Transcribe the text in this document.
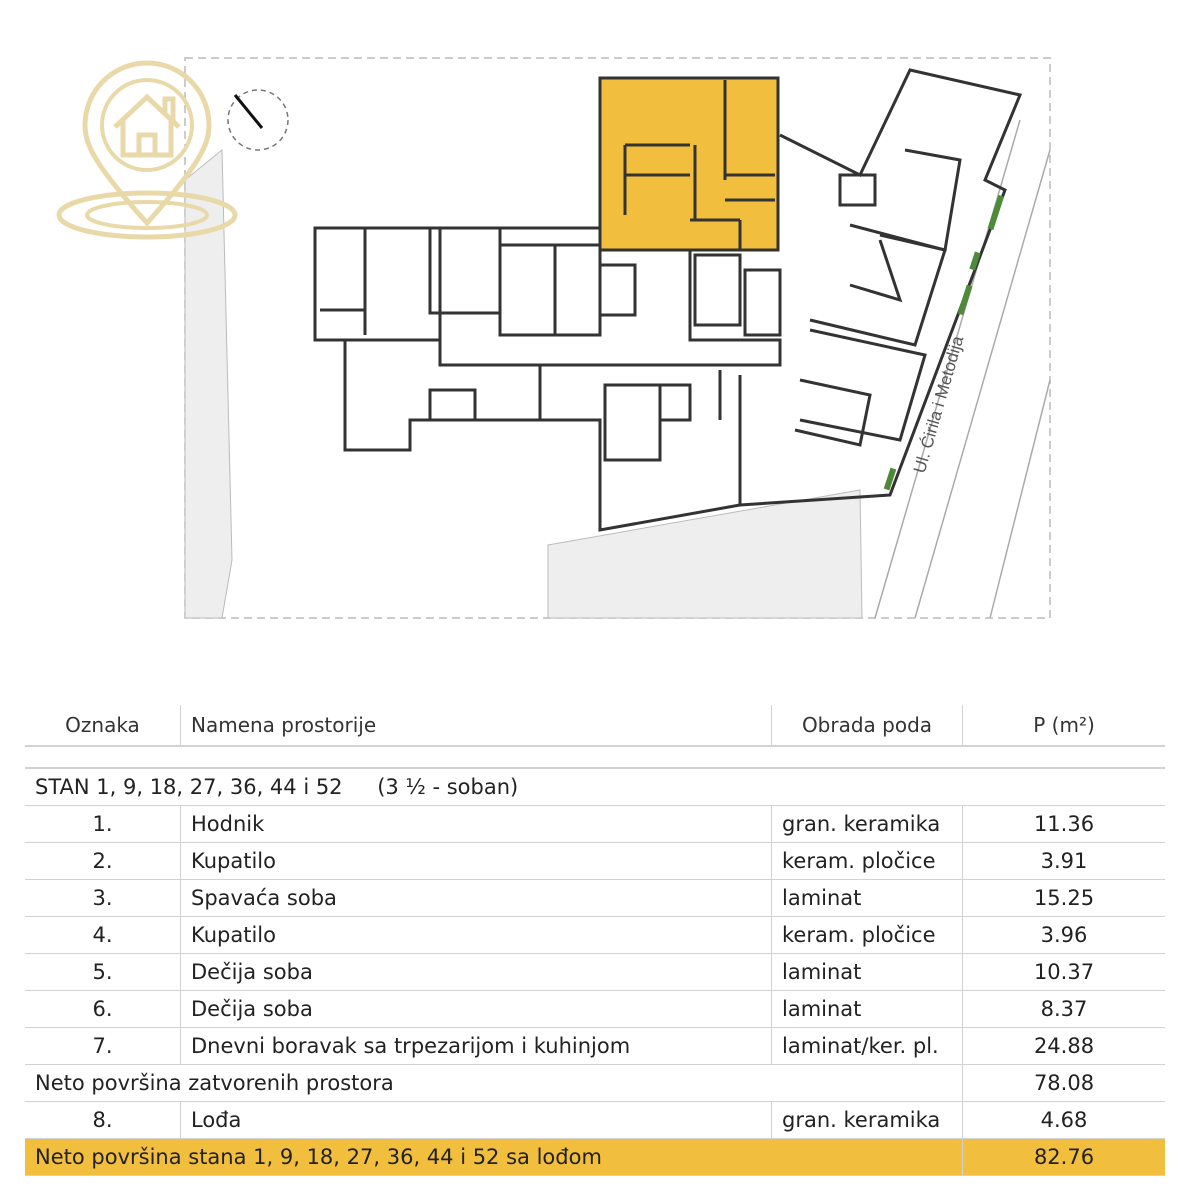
Ul. Ćirila i Metodija
Oznaka	Namena prostorije	Obrada poda	P (m²)

STAN 1, 9, 18, 27, 36, 44 i 52 (3 ½ - soban)			
1.	Hodnik	gran. keramika	11.36
2.	Kupatilo	keram. pločice	3.91
3.	Spavaća soba	laminat	15.25
4.	Kupatilo	keram. pločice	3.96
5.	Dečija soba	laminat	10.37
6.	Dečija soba	laminat	8.37
7.	Dnevni boravak sa trpezarijom i kuhinjom	laminat/ker. pl.	24.88
Neto površina zatvorenih prostora			78.08
8.	Lođa	gran. keramika	4.68
Neto površina stana 1, 9, 18, 27, 36, 44 i 52 sa lođom			82.76
